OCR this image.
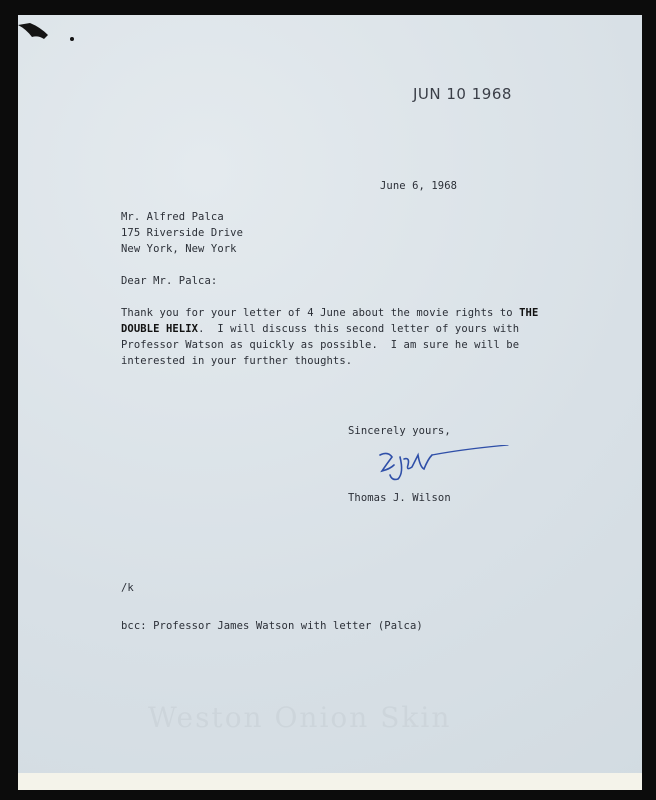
JUN 10 1968
June 6, 1968
Mr. Alfred Palca
175 Riverside Drive
New York, New York
Dear Mr. Palca:
Thank you for your letter of 4 June about the movie rights to THE
DOUBLE HELIX.  I will discuss this second letter of yours with
Professor Watson as quickly as possible.  I am sure he will be
interested in your further thoughts.
Sincerely yours,
Thomas J. Wilson
/k
bcc: Professor James Watson with letter (Palca)
Weston Onion Skin
